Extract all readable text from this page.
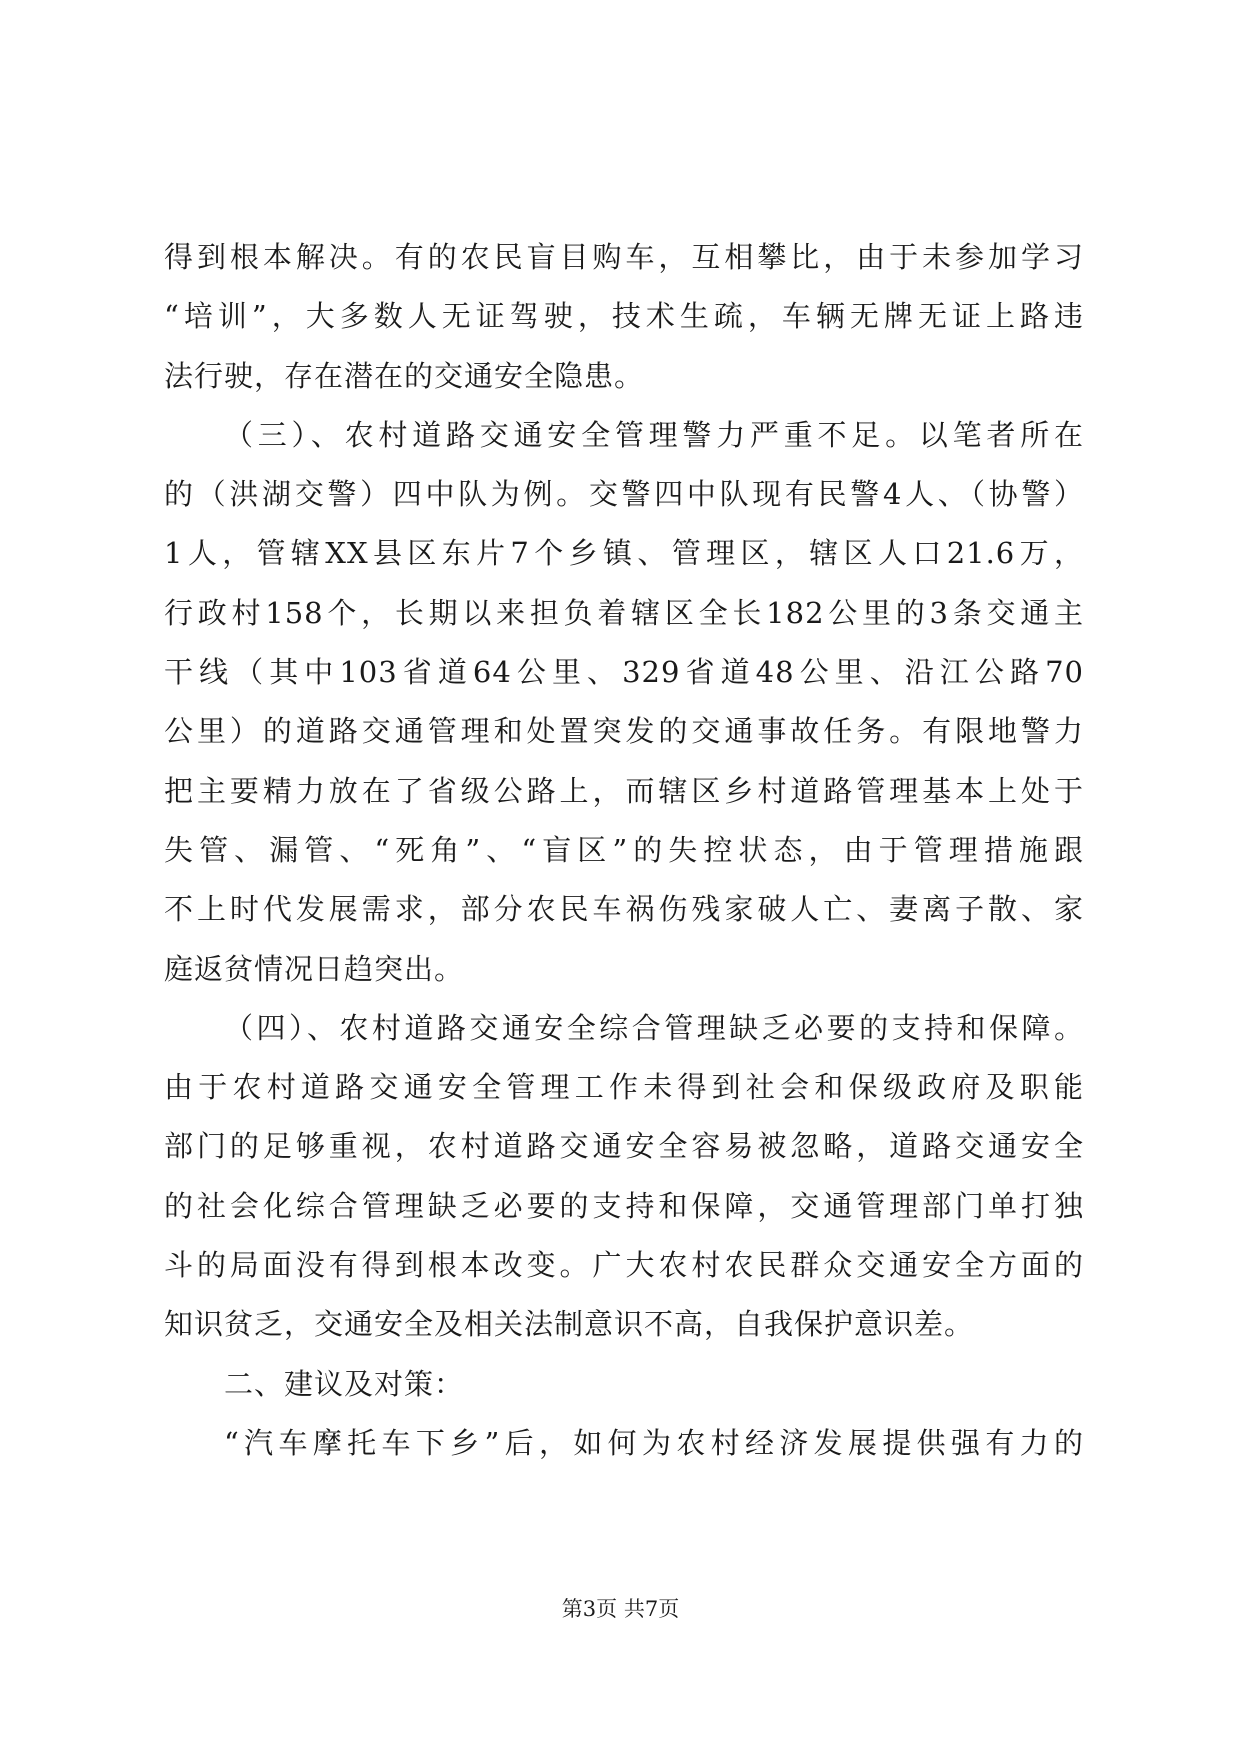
得到根本解决。有的农民盲目购车，互相攀比，由于未参加学习
“培训”，大多数人无证驾驶，技术生疏，车辆无牌无证上路违
法行驶，存在潜在的交通安全隐患。
（三）、农村道路交通安全管理警力严重不足。以笔者所在
的（洪湖交警）四中队为例。交警四中队现有民警4人、（协警）
1人，管辖XX县区东片7个乡镇、管理区，辖区人口21.6万，
行政村158个，长期以来担负着辖区全长182公里的3条交通主
干线（其中103省道64公里、329省道48公里、沿江公路70
公里）的道路交通管理和处置突发的交通事故任务。有限地警力
把主要精力放在了省级公路上，而辖区乡村道路管理基本上处于
失管、漏管、“死角”、“盲区”的失控状态，由于管理措施跟
不上时代发展需求，部分农民车祸伤残家破人亡、妻离子散、家
庭返贫情况日趋突出。
（四）、农村道路交通安全综合管理缺乏必要的支持和保障。
由于农村道路交通安全管理工作未得到社会和保级政府及职能
部门的足够重视，农村道路交通安全容易被忽略，道路交通安全
的社会化综合管理缺乏必要的支持和保障，交通管理部门单打独
斗的局面没有得到根本改变。广大农村农民群众交通安全方面的
知识贫乏，交通安全及相关法制意识不高，自我保护意识差。
二、建议及对策：
“汽车摩托车下乡”后，如何为农村经济发展提供强有力的
第3页 共7页
